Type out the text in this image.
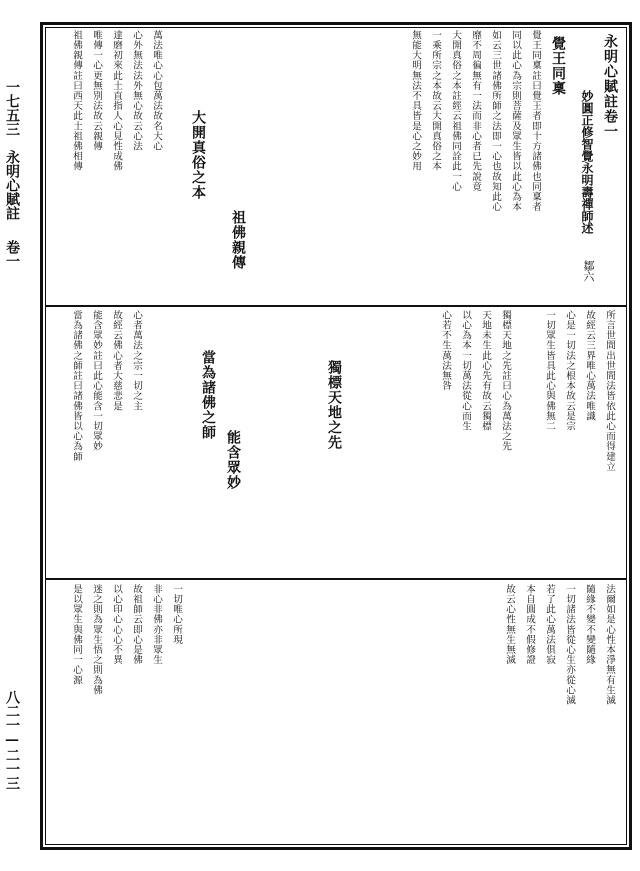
一七五三
永明心賦註
卷一
八二一—二一三
永明心賦註卷一
妙圓正修智覺永明壽禪師述
鄒六
覺王同稟
覺王同稟註曰覺王者即十方諸佛也同稟者
同以此心為宗則菩薩及眾生皆以此心為本
如云三世諸佛所師之法即一心也故知此心
靡不周徧無有一法而非心者已先說竟
大開真俗之本註經云祖佛同詮此一心
一乘所宗之本故云大開真俗之本
無能大明無法不具皆是心之妙用
大開真俗之本
祖佛親傳
祖佛親傳註曰西天此土祖佛相傳 唯傳一心更無別法故云親傳 達磨初來此土直指人心見性成佛 心外無法法外無心故云心法 萬法唯心心包萬法故名大心
所言世間出世間法皆依此心而得建立
故經云三界唯心萬法唯識
心是一切法之根本故云是宗
一切眾生皆具此心與佛無二
獨標天地之先	獨標天地之先註曰心為萬法之先
天地未生此心先有故云獨標
以心為本一切萬法從心而生
心若不生萬法無咎
當為諸佛之師
能含眾妙
當為諸佛之師註曰諸佛皆以心為師 能含眾妙註曰此心能含一切眾妙 故經云佛心者大慈悲是 心者萬法之宗一切之主
法爾如是心性本淨無有生滅
隨緣不變不變隨緣
一切諸法皆從心生亦從心滅
若了此心萬法俱寂
本自圓成不假修證
故云心性無生無滅
是以眾生與佛同一心源 迷之則為眾生悟之則為佛 以心印心心心不異 故祖師云即心是佛 非心非佛亦非眾生 一切唯心所現
